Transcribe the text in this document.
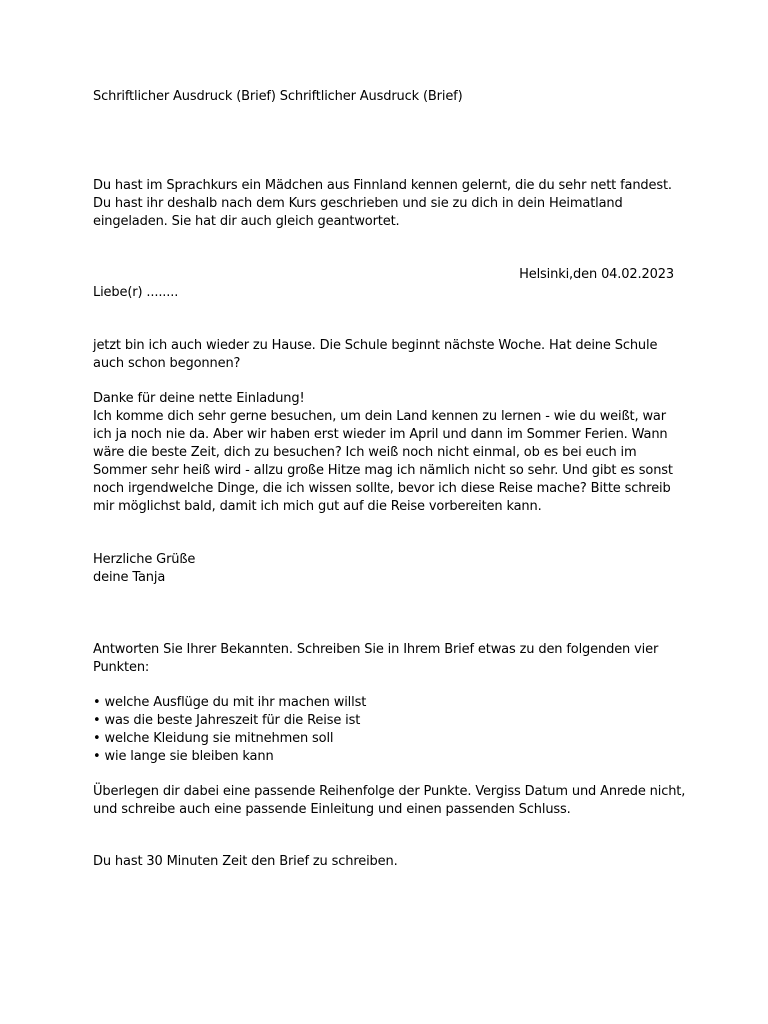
Schriftlicher Ausdruck (Brief) Schriftlicher Ausdruck (Brief)
Du hast im Sprachkurs ein Mädchen aus Finnland kennen gelernt, die du sehr nett fandest.
Du hast ihr deshalb nach dem Kurs geschrieben und sie zu dich in dein Heimatland
eingeladen. Sie hat dir auch gleich geantwortet.
Helsinki,den 04.02.2023
Liebe(r) ........
jetzt bin ich auch wieder zu Hause. Die Schule beginnt nächste Woche. Hat deine Schule
auch schon begonnen?
Danke für deine nette Einladung!
Ich komme dich sehr gerne besuchen, um dein Land kennen zu lernen - wie du weißt, war
ich ja noch nie da. Aber wir haben erst wieder im April und dann im Sommer Ferien. Wann
wäre die beste Zeit, dich zu besuchen? Ich weiß noch nicht einmal, ob es bei euch im
Sommer sehr heiß wird - allzu große Hitze mag ich nämlich nicht so sehr. Und gibt es sonst
noch irgendwelche Dinge, die ich wissen sollte, bevor ich diese Reise mache? Bitte schreib
mir möglichst bald, damit ich mich gut auf die Reise vorbereiten kann.
Herzliche Grüße
deine Tanja
Antworten Sie Ihrer Bekannten. Schreiben Sie in Ihrem Brief etwas zu den folgenden vier
Punkten:
• welche Ausflüge du mit ihr machen willst
• was die beste Jahreszeit für die Reise ist
• welche Kleidung sie mitnehmen soll
• wie lange sie bleiben kann
Überlegen dir dabei eine passende Reihenfolge der Punkte. Vergiss Datum und Anrede nicht,
und schreibe auch eine passende Einleitung und einen passenden Schluss.
Du hast 30 Minuten Zeit den Brief zu schreiben.
